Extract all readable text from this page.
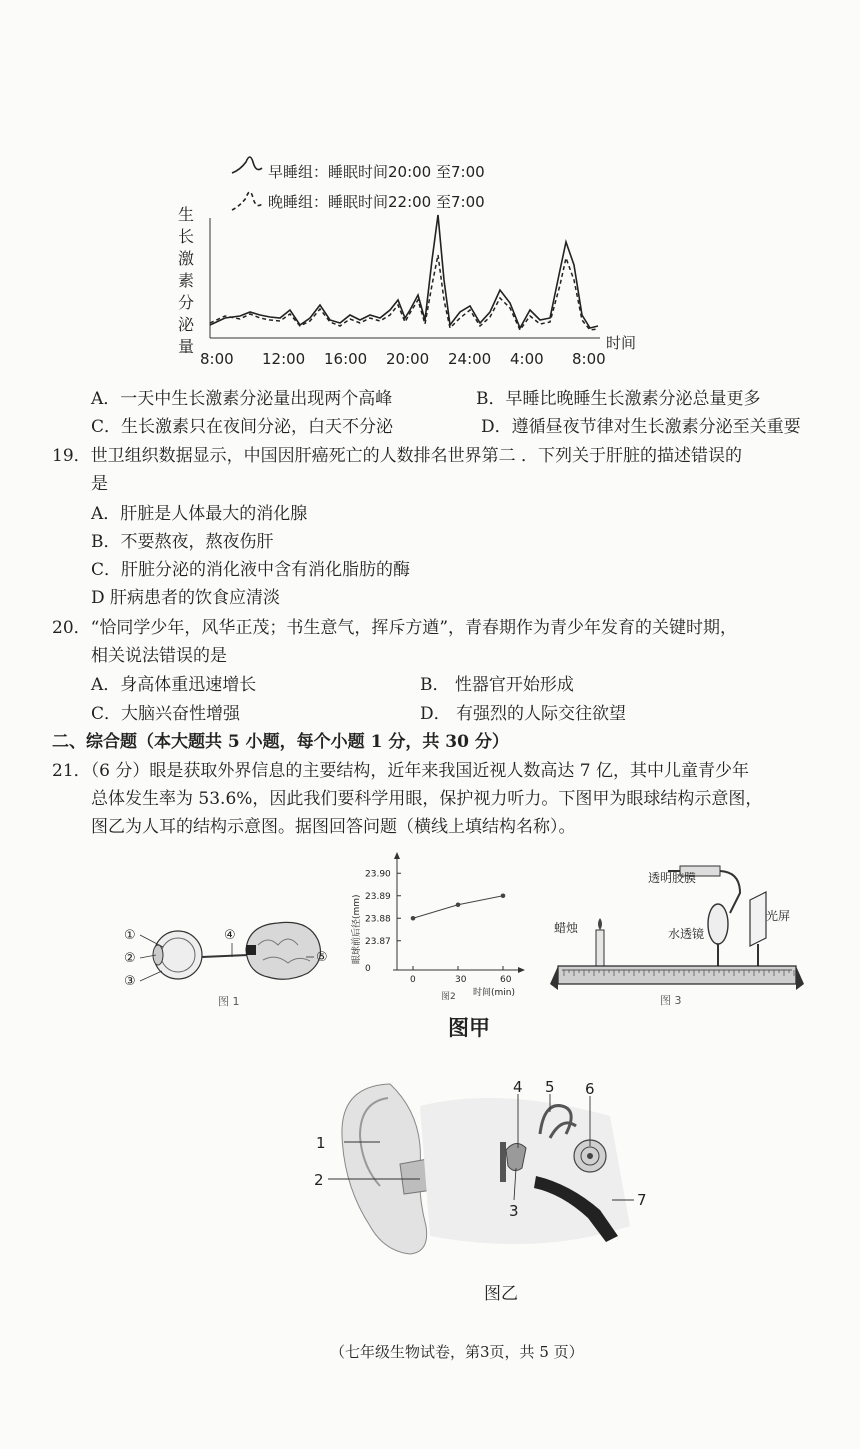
早睡组：睡眠时间20:00 至7:00
晚睡组：睡眠时间22:00 至7:00
生
长
激
素
分
泌
量
8:00 12:00 16:00 20:00 24:00 4:00 8:00
时间
A．一天中生长激素分泌量出现两个高峰	B．早睡比晚睡生长激素分泌总量更多
C．生长激素只在夜间分泌，白天不分泌	D．遵循昼夜节律对生长激素分泌至关重要
19．世卫组织数据显示，中国因肝癌死亡的人数排名世界第二 ．下列关于肝脏的描述错误的
是
A．肝脏是人体最大的消化腺
B．不要熬夜，熬夜伤肝
C．肝脏分泌的消化液中含有消化脂肪的酶
D 肝病患者的饮食应清淡
20．“恰同学少年，风华正茂；书生意气，挥斥方遒”，青春期作为青少年发育的关键时期，
相关说法错误的是
A．身高体重迅速增长	B． 性器官开始形成
C．大脑兴奋性增强	D． 有强烈的人际交往欲望
二、综合题（本大题共 5 小题，每个小题 1 分，共 30 分）
21．（6 分）眼是获取外界信息的主要结构，近年来我国近视人数高达 7 亿，其中儿童青少年
总体发生率为 53.6%，因此我们要科学用眼，保护视力听力。下图甲为眼球结构示意图，
图乙为人耳的结构示意图。据图回答问题（横线上填结构名称）。
①
②
③
④
⑤
图 1
眼球前后径(mm)
23.90
23.89
23.88
23.87
0
0	30	60
时间(min)
图2
透明胶膜
蜡烛	水透镜
光屏
图 3
图甲
1
2
3
4 5 6
7
图乙
（七年级生物试卷，第3页，共 5 页）
